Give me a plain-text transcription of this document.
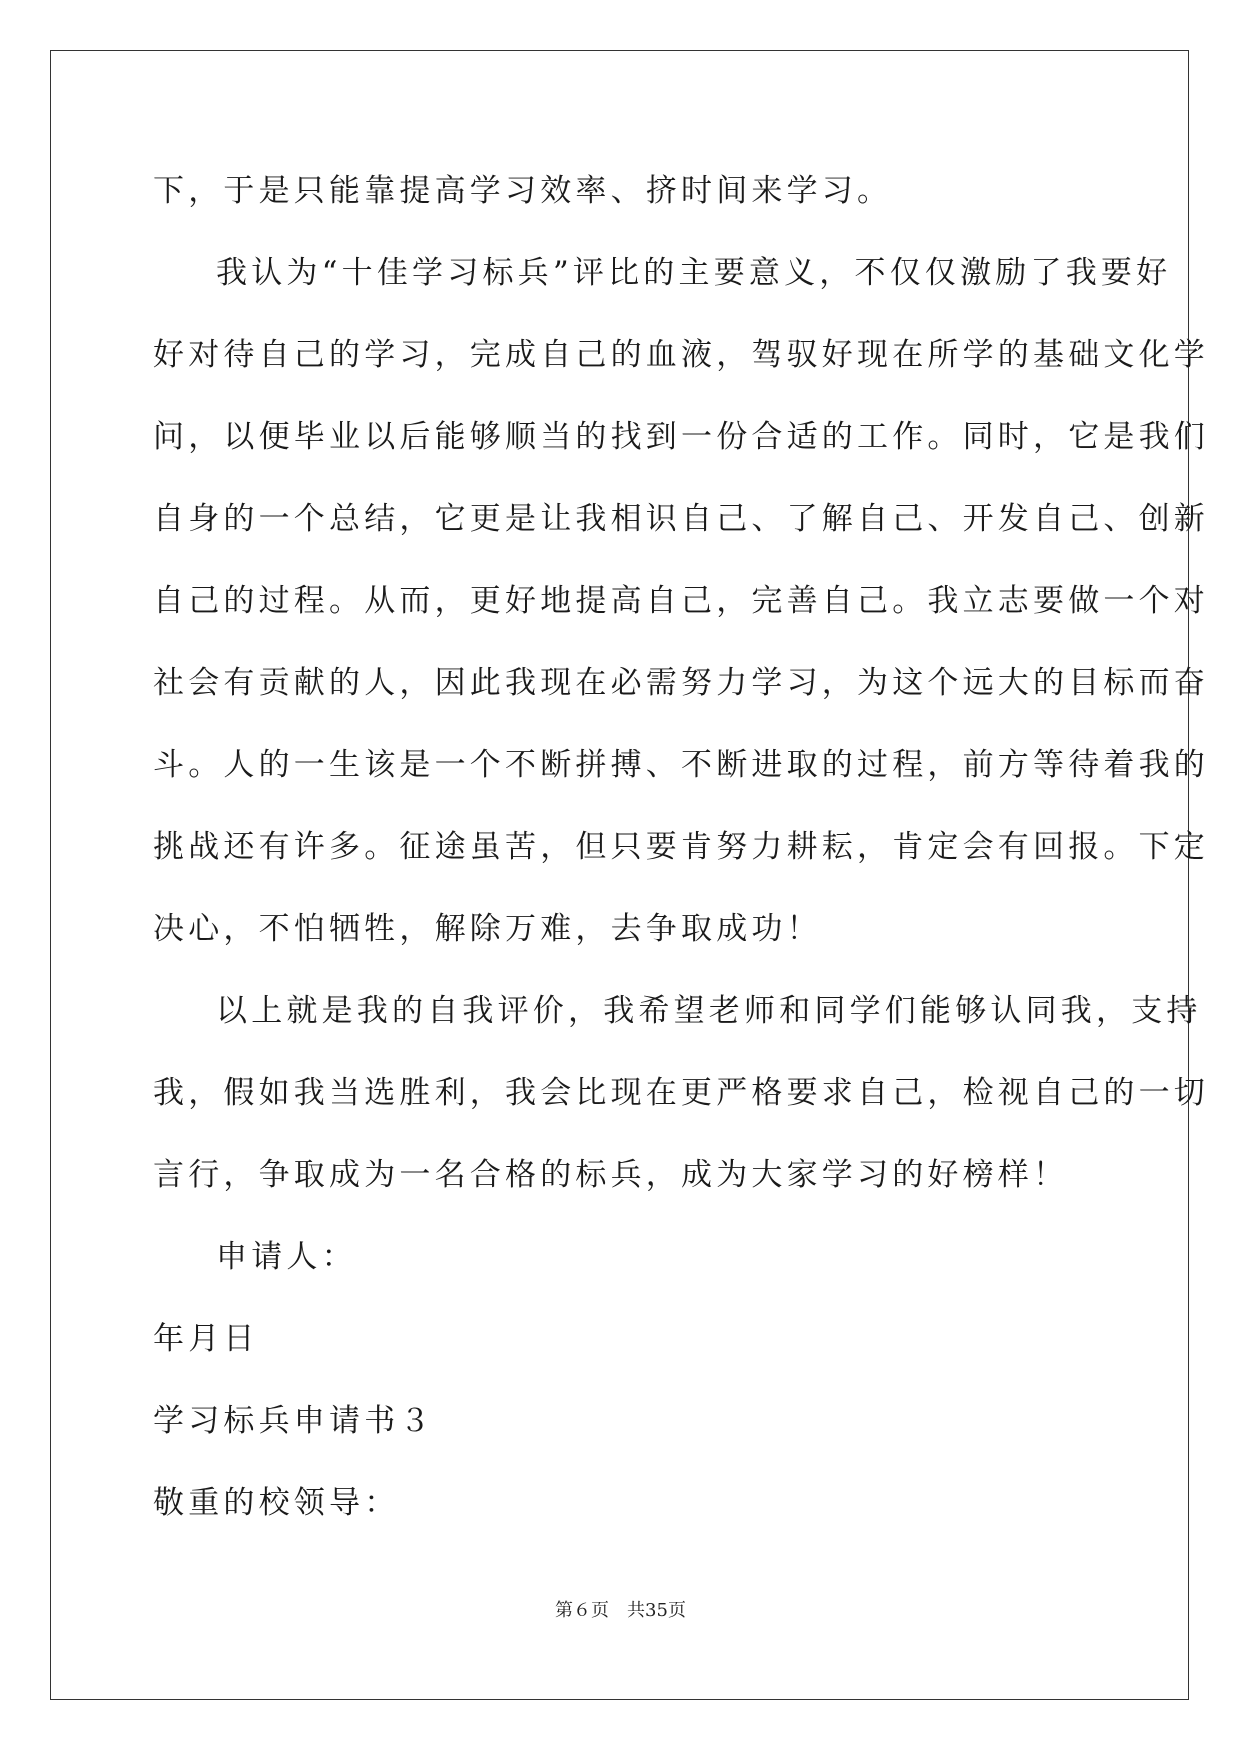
下，于是只能靠提高学习效率、挤时间来学习。
我认为“十佳学习标兵”评比的主要意义，不仅仅激励了我要好
好对待自己的学习，完成自己的血液，驾驭好现在所学的基础文化学
问，以便毕业以后能够顺当的找到一份合适的工作。同时，它是我们
自身的一个总结，它更是让我相识自己、了解自己、开发自己、创新
自己的过程。从而，更好地提高自己，完善自己。我立志要做一个对
社会有贡献的人，因此我现在必需努力学习，为这个远大的目标而奋
斗。人的一生该是一个不断拼搏、不断进取的过程，前方等待着我的
挑战还有许多。征途虽苦，但只要肯努力耕耘，肯定会有回报。下定
决心，不怕牺牲，解除万难，去争取成功！
以上就是我的自我评价，我希望老师和同学们能够认同我，支持
我，假如我当选胜利，我会比现在更严格要求自己，检视自己的一切
言行，争取成为一名合格的标兵，成为大家学习的好榜样！
申请人：
年月日
学习标兵申请书３
敬重的校领导：
第６页　共35页
